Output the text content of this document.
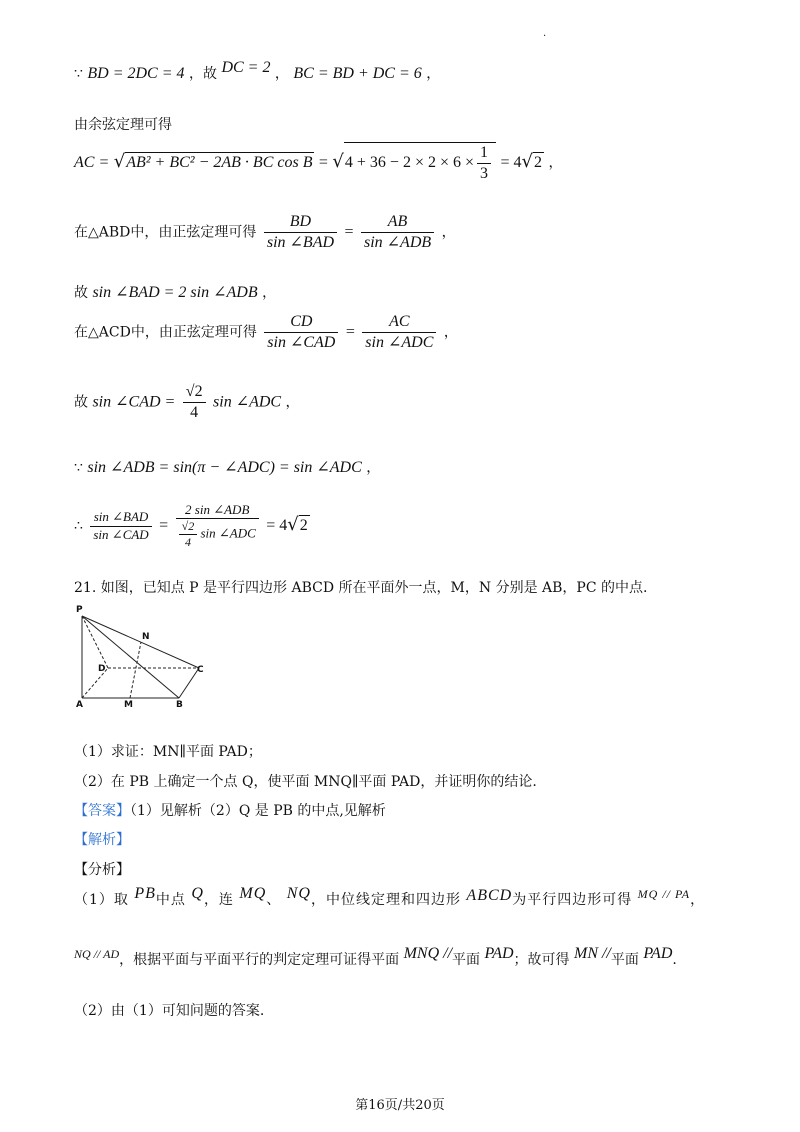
.
∵ BD = 2DC = 4 ，故 DC = 2 ， BC = BD + DC = 6 ，
由余弦定理可得
AC = √AB² + BC² − 2AB · BC $\cos B = √4 + 36 - 2 \times 2 \times 6 \times \frac{1}{3} = 4√2$ ，
在△ABD中，由正弦定理可得 $\frac{BD}{\text{sin ∠BAD}} = \frac{AB}{\text{sin ∠ADB}}$ ，
故 sin ∠BAD = 2 sin ∠ADB ，
在△ACD中，由正弦定理可得 $\frac{CD}{\text{sin ∠CAD}} = \frac{AC}{\text{sin ∠ADC}}$ ，
故 sin ∠CAD = $\frac{√2}{4}$ sin ∠ADC ，
∵ sin ∠ADB = sin(π − ∠ADC) = sin ∠ADC ，
∴ $\frac{\text{sin ∠BAD}}{\text{sin ∠CAD}} = \frac{\text{2 sin ∠ADB}}{\frac{√2}{4} \sin \angle ADC} = 4√2$
21. 如图，已知点 P 是平行四边形 ABCD 所在平面外一点，M，N 分别是 AB，PC 的中点.
P
N
D	C
A	M	B
（1）求证：MN∥平面 PAD；
（2）在 PB 上确定一个点 Q，使平面 MNQ∥平面 PAD，并证明你的结论.
【答案】（1）见解析（2）Q 是 PB 的中点,见解析
【解析】
【分析】
（1）取 PB中点 Q，连 MQ、 NQ，中位线定理和四边形 ABCD为平行四边形可得 MQ // PA，
NQ // AD，根据平面与平面平行的判定定理可证得平面 MNQ //平面 PAD；故可得 MN //平面 PAD.
（2）由（1）可知问题的答案.
第16页/共20页
